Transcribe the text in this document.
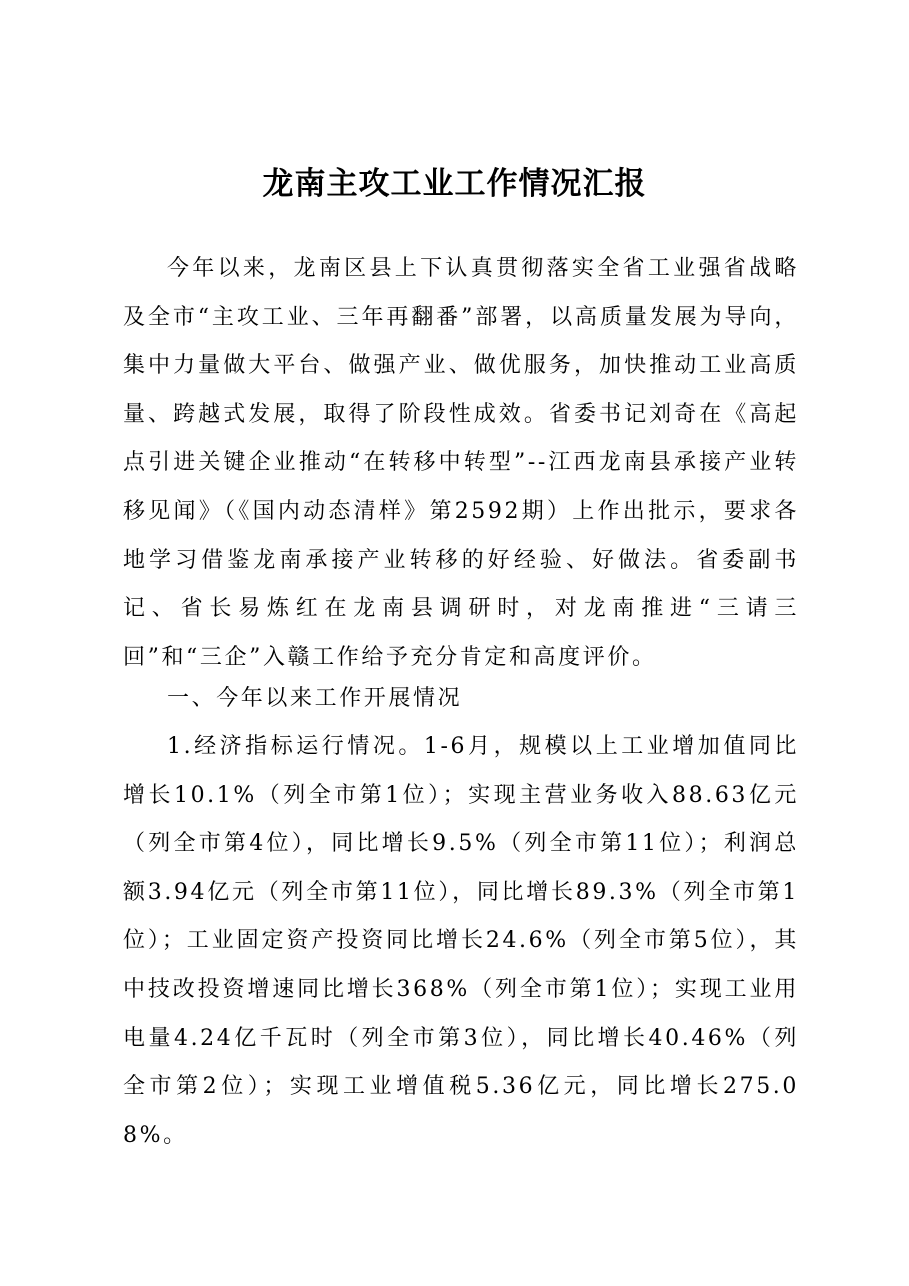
龙南主攻工业工作情况汇报

今年以来，龙南区县上下认真贯彻落实全省工业强省战略及全市“主攻工业、三年再翻番”部署，以高质量发展为导向，集中力量做大平台、做强产业、做优服务，加快推动工业高质量、跨越式发展，取得了阶段性成效。省委书记刘奇在《高起点引进关键企业推动“在转移中转型”--江西龙南县承接产业转移见闻》（《国内动态清样》第2592期）上作出批示，要求各地学习借鉴龙南承接产业转移的好经验、好做法。省委副书记、省长易炼红在龙南县调研时，对龙南推进“三请三回”和“三企”入赣工作给予充分肯定和高度评价。

一、今年以来工作开展情况

1.经济指标运行情况。1-6月，规模以上工业增加值同比增长10.1%（列全市第1位）；实现主营业务收入88.63亿元（列全市第4位），同比增长9.5%（列全市第11位）；利润总额3.94亿元（列全市第11位），同比增长89.3%（列全市第1位）；工业固定资产投资同比增长24.6%（列全市第5位），其中技改投资增速同比增长368%（列全市第1位）；实现工业用电量4.24亿千瓦时（列全市第3位），同比增长40.46%（列全市第2位）；实现工业增值税5.36亿元，同比增长275.08%。
